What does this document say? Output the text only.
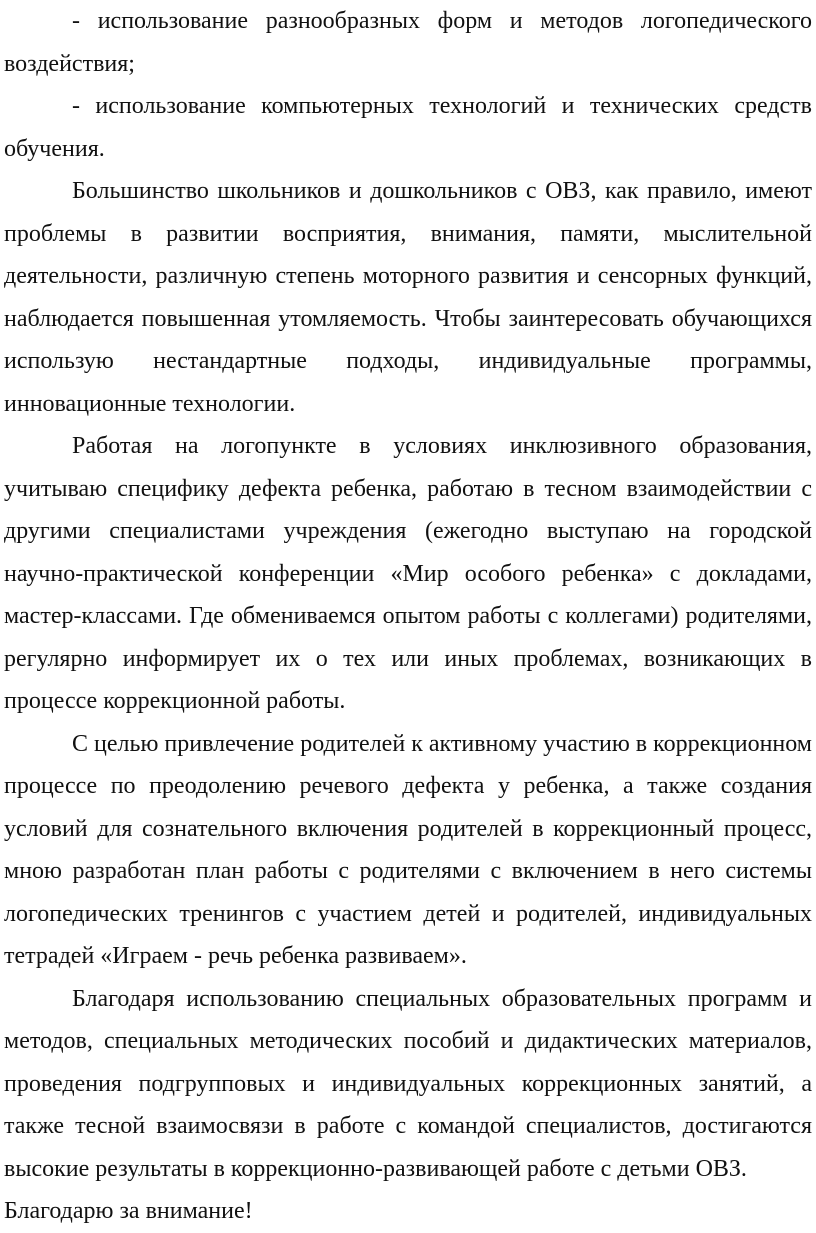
- использование разнообразных форм и методов логопедического воздействия;

- использование компьютерных технологий и технических средств обучения.

Большинство школьников и дошкольников с ОВЗ, как правило, имеют проблемы в развитии восприятия, внимания, памяти, мыслительной деятельности, различную степень моторного развития и сенсорных функций, наблюдается повышенная утомляемость. Чтобы заинтересовать обучающихся использую нестандартные подходы, индивидуальные программы, инновационные технологии.

Работая на логопункте в условиях инклюзивного образования, учитываю специфику дефекта ребенка, работаю в тесном взаимодействии с другими специалистами учреждения (ежегодно выступаю на городской научно-практической конференции «Мир особого ребенка» с докладами, мастер-классами. Где обмениваемся опытом работы с коллегами) родителями, регулярно информирует их о тех или иных проблемах, возникающих в процессе коррекционной работы.

С целью привлечение родителей к активному участию в коррекционном процессе по преодолению речевого дефекта у ребенка, а также создания условий для сознательного включения родителей в коррекционный процесс, мною разработан план работы с родителями с включением в него системы логопедических тренингов с участием детей и родителей, индивидуальных тетрадей «Играем - речь ребенка развиваем».

Благодаря использованию специальных образовательных программ и методов, специальных методических пособий и дидактических материалов, проведения подгрупповых и индивидуальных коррекционных занятий, а также тесной взаимосвязи в работе с командой специалистов, достигаются высокие результаты в коррекционно-развивающей работе с детьми ОВЗ.

Благодарю за внимание!
